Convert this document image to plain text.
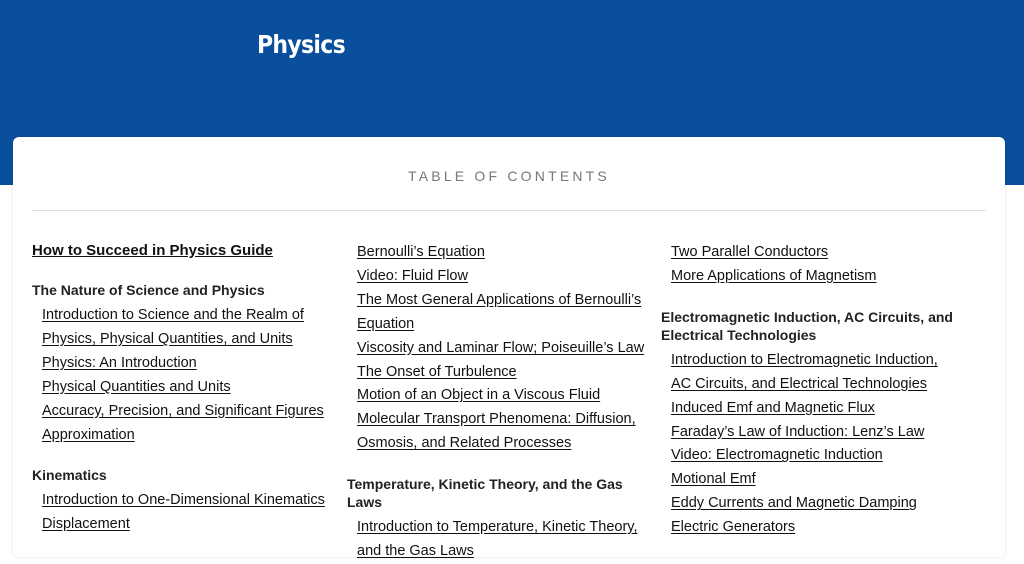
Physics
TABLE OF CONTENTS
How to Succeed in Physics Guide
The Nature of Science and Physics
Introduction to Science and the Realm of Physics, Physical Quantities, and Units
Physics: An Introduction
Physical Quantities and Units
Accuracy, Precision, and Significant Figures
Approximation
Kinematics
Introduction to One-Dimensional Kinematics
Displacement
Bernoulli’s Equation
Video: Fluid Flow
The Most General Applications of Bernoulli’s Equation
Viscosity and Laminar Flow; Poiseuille’s Law
The Onset of Turbulence
Motion of an Object in a Viscous Fluid
Molecular Transport Phenomena: Diffusion, Osmosis, and Related Processes
Temperature, Kinetic Theory, and the Gas Laws
Introduction to Temperature, Kinetic Theory, and the Gas Laws
Two Parallel Conductors
More Applications of Magnetism
Electromagnetic Induction, AC Circuits, and Electrical Technologies
Introduction to Electromagnetic Induction, AC Circuits, and Electrical Technologies
Induced Emf and Magnetic Flux
Faraday’s Law of Induction: Lenz’s Law
Video: Electromagnetic Induction
Motional Emf
Eddy Currents and Magnetic Damping
Electric Generators
